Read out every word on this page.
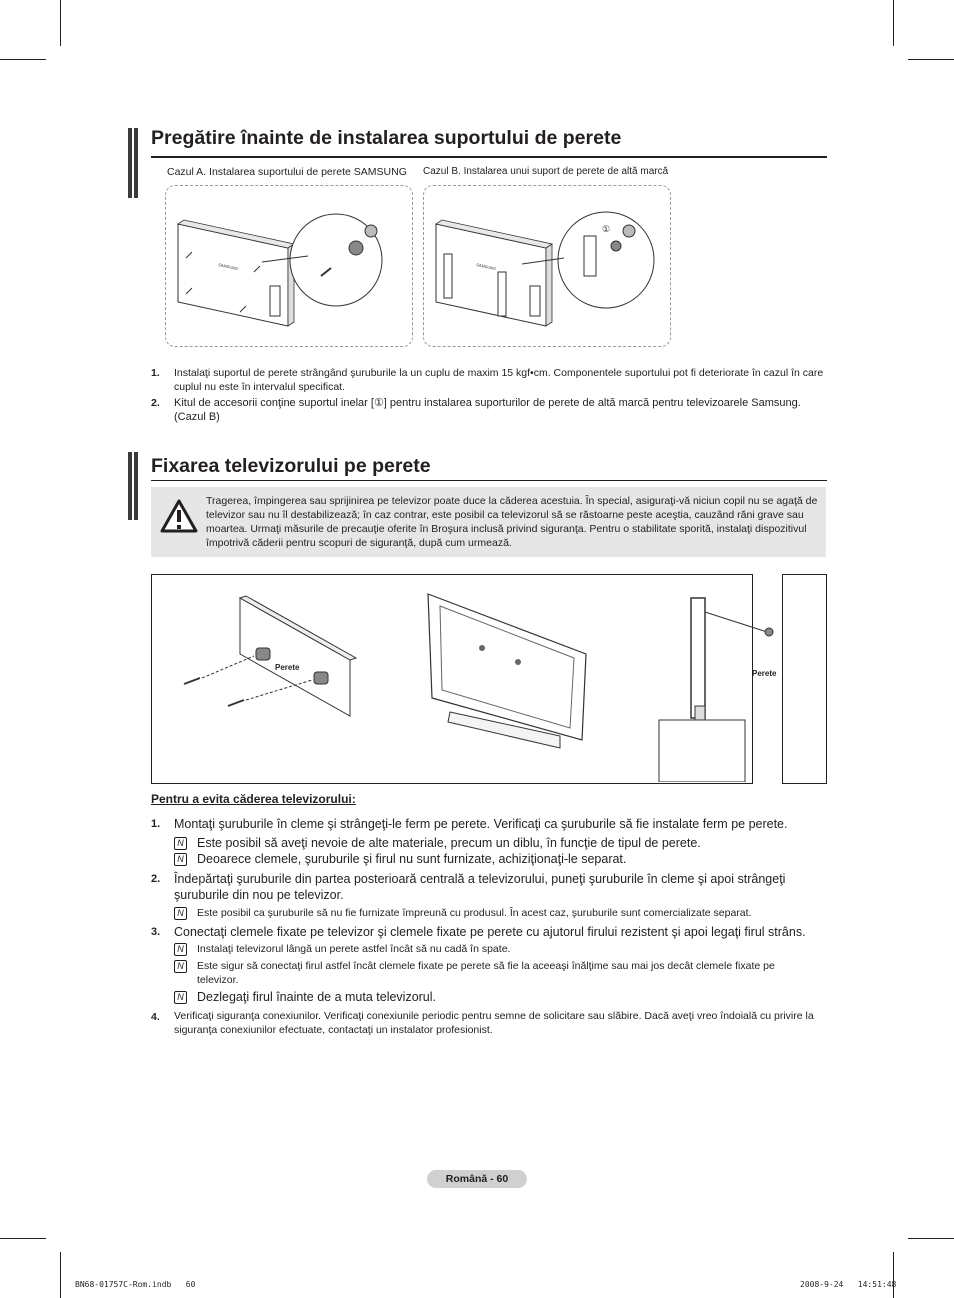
Pregătire înainte de instalarea suportului de perete
Cazul A. Instalarea suportului de perete SAMSUNG Cazul B. Instalarea unui suport de perete de altă marcă
SAMSUNG	SAMSUNG
①
1. Instalaţi suportul de perete strângând şuruburile la un cuplu de maxim 15 kgf•cm. Componentele suportului pot fi deteriorate în cazul în care cuplul nu este în intervalul specificat.
2. Kitul de accesorii conţine suportul inelar [①] pentru instalarea suporturilor de perete de altă marcă pentru televizoarele Samsung. (Cazul B)
Fixarea televizorului pe perete
Tragerea, împingerea sau sprijinirea pe televizor poate duce la căderea acestuia. În special, asiguraţi-vă niciun copil nu se agaţă de televizor sau nu îl destabilizează; în caz contrar, este posibil ca televizorul să se răstoarne peste aceştia, cauzând răni grave sau moartea. Urmaţi măsurile de precauţie oferite în Broşura inclusă privind siguranţa. Pentru o stabilitate sporită, instalaţi dispozitivul împotrivă căderii pentru scopuri de siguranţă, după cum urmează.
Perete
Perete
Pentru a evita căderea televizorului:
1. Montaţi şuruburile în cleme şi strângeţi-le ferm pe perete. Verificaţi ca şuruburile să fie instalate ferm pe perete.
N Este posibil să aveţi nevoie de alte materiale, precum un diblu, în funcţie de tipul de perete.
N Deoarece clemele, şuruburile şi firul nu sunt furnizate, achiziţionaţi-le separat.
2. Îndepărtaţi şuruburile din partea posterioară centrală a televizorului, puneţi şuruburile în cleme şi apoi strângeţi şuruburile din nou pe televizor.
N	Este posibil ca şuruburile să nu fie furnizate împreună cu produsul. În acest caz, şuruburile sunt comercializate separat.
3. Conectaţi clemele fixate pe televizor şi clemele fixate pe perete cu ajutorul firului rezistent şi apoi legaţi firul strâns.
N	Instalaţi televizorul lângă un perete astfel încât să nu cadă în spate.
N	Este sigur să conectaţi firul astfel încât clemele fixate pe perete să fie la aceeaşi înălţime sau mai jos decât clemele fixate pe televizor.
N Dezlegaţi firul înainte de a muta televizorul.
4. Verificaţi siguranţa conexiunilor. Verificaţi conexiunile periodic pentru semne de solicitare sau slăbire. Dacă aveţi vreo îndoială cu privire la siguranţa conexiunilor efectuate, contactaţi un instalator profesionist.
Română - 60
BN68-01757C-Rom.indb   60	2008-9-24   14:51:48
